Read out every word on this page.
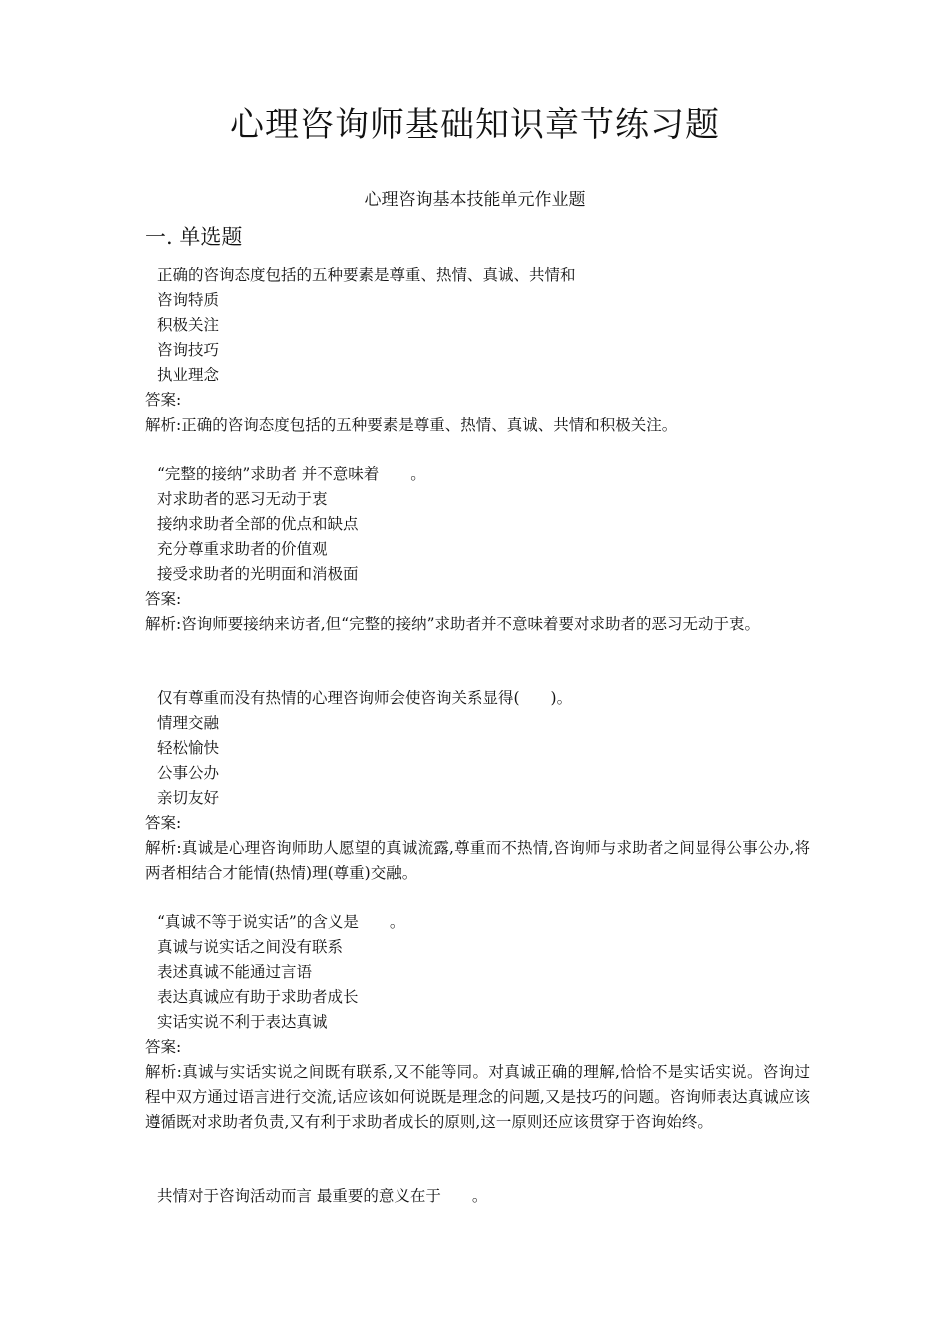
心理咨询师基础知识章节练习题
心理咨询基本技能单元作业题
一. 单选题
正确的咨询态度包括的五种要素是尊重、热情、真诚、共情和
咨询特质
积极关注
咨询技巧
执业理念
答案:
解析:正确的咨询态度包括的五种要素是尊重、热情、真诚、共情和积极关注。
“完整的接纳”求助者 并不意味着　　。
对求助者的恶习无动于衷
接纳求助者全部的优点和缺点
充分尊重求助者的价值观
接受求助者的光明面和消极面
答案:
解析:咨询师要接纳来访者,但“完整的接纳”求助者并不意味着要对求助者的恶习无动于衷。
仅有尊重而没有热情的心理咨询师会使咨询关系显得(　　)。
情理交融
轻松愉快
公事公办
亲切友好
答案:
解析:真诚是心理咨询师助人愿望的真诚流露,尊重而不热情,咨询师与求助者之间显得公事公办,将两者相结合才能情(热情)理(尊重)交融。
“真诚不等于说实话”的含义是　　。
真诚与说实话之间没有联系
表述真诚不能通过言语
表达真诚应有助于求助者成长
实话实说不利于表达真诚
答案:
解析:真诚与实话实说之间既有联系,又不能等同。对真诚正确的理解,恰恰不是实话实说。咨询过程中双方通过语言进行交流,话应该如何说既是理念的问题,又是技巧的问题。咨询师表达真诚应该遵循既对求助者负责,又有利于求助者成长的原则,这一原则还应该贯穿于咨询始终。
共情对于咨询活动而言 最重要的意义在于　　。
